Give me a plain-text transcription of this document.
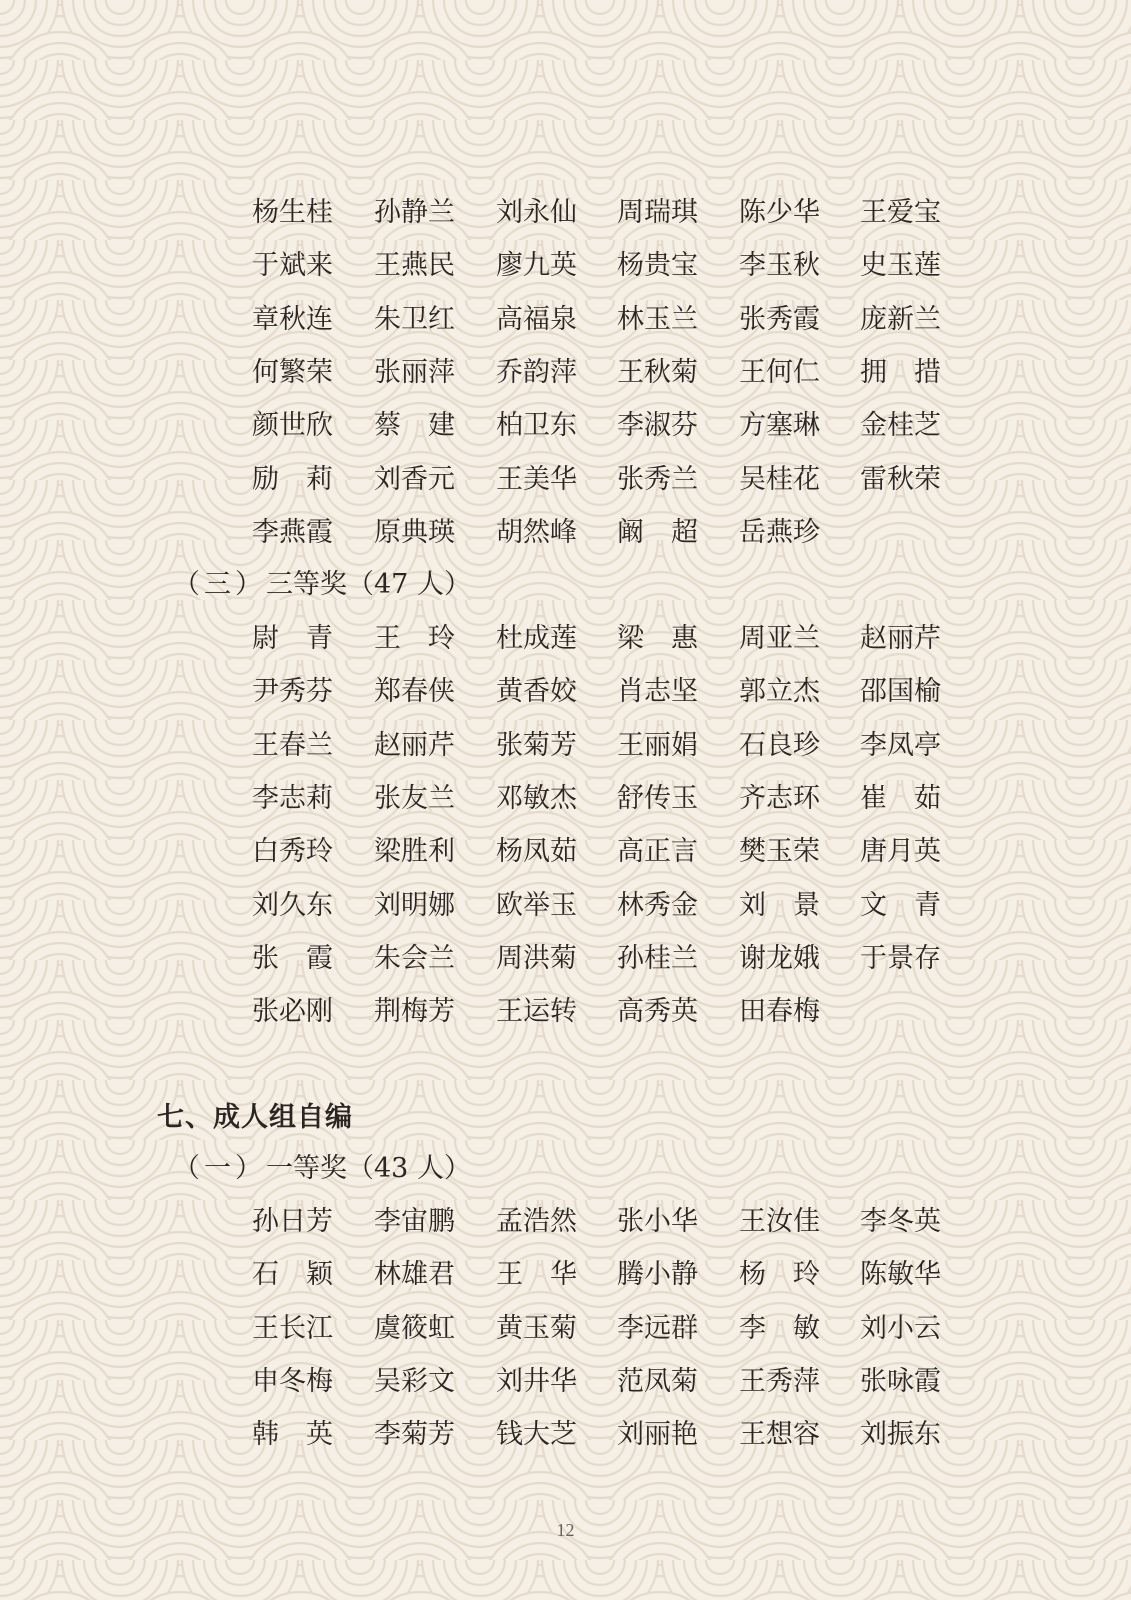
杨生桂	孙静兰	刘永仙	周瑞琪	陈少华	王爱宝
于斌来	王燕民	廖九英	杨贵宝	李玉秋	史玉莲
章秋连	朱卫红	高福泉	林玉兰	张秀霞	庞新兰
何繁荣	张丽萍	乔韵萍	王秋菊	王何仁	拥　措
颜世欣	蔡　建	柏卫东	李淑芬	方塞琳	金桂芝
励　莉	刘香元	王美华	张秀兰	吴桂花	雷秋荣
李燕霞	原典瑛	胡然峰	阚　超	岳燕珍
（三）三等奖（47 人）
尉　青	王　玲	杜成莲	梁　惠	周亚兰	赵丽芹
尹秀芬	郑春侠	黄香姣	肖志坚	郭立杰	邵国榆
王春兰	赵丽芹	张菊芳	王丽娟	石良珍	李凤亭
李志莉	张友兰	邓敏杰	舒传玉	齐志环	崔　茹
白秀玲	梁胜利	杨凤茹	高正言	樊玉荣	唐月英
刘久东	刘明娜	欧举玉	林秀金	刘　景	文　青
张　霞	朱会兰	周洪菊	孙桂兰	谢龙娥	于景存
张必刚	荆梅芳	王运转	高秀英	田春梅
七、成人组自编
（一）一等奖（43 人）
孙日芳	李宙鹏	孟浩然	张小华	王汝佳	李冬英
石　颖	林雄君	王　华	腾小静	杨　玲	陈敏华
王长江	虞筱虹	黄玉菊	李远群	李　敏	刘小云
申冬梅	吴彩文	刘井华	范凤菊	王秀萍	张咏霞
韩　英	李菊芳	钱大芝	刘丽艳	王想容	刘振东
12
